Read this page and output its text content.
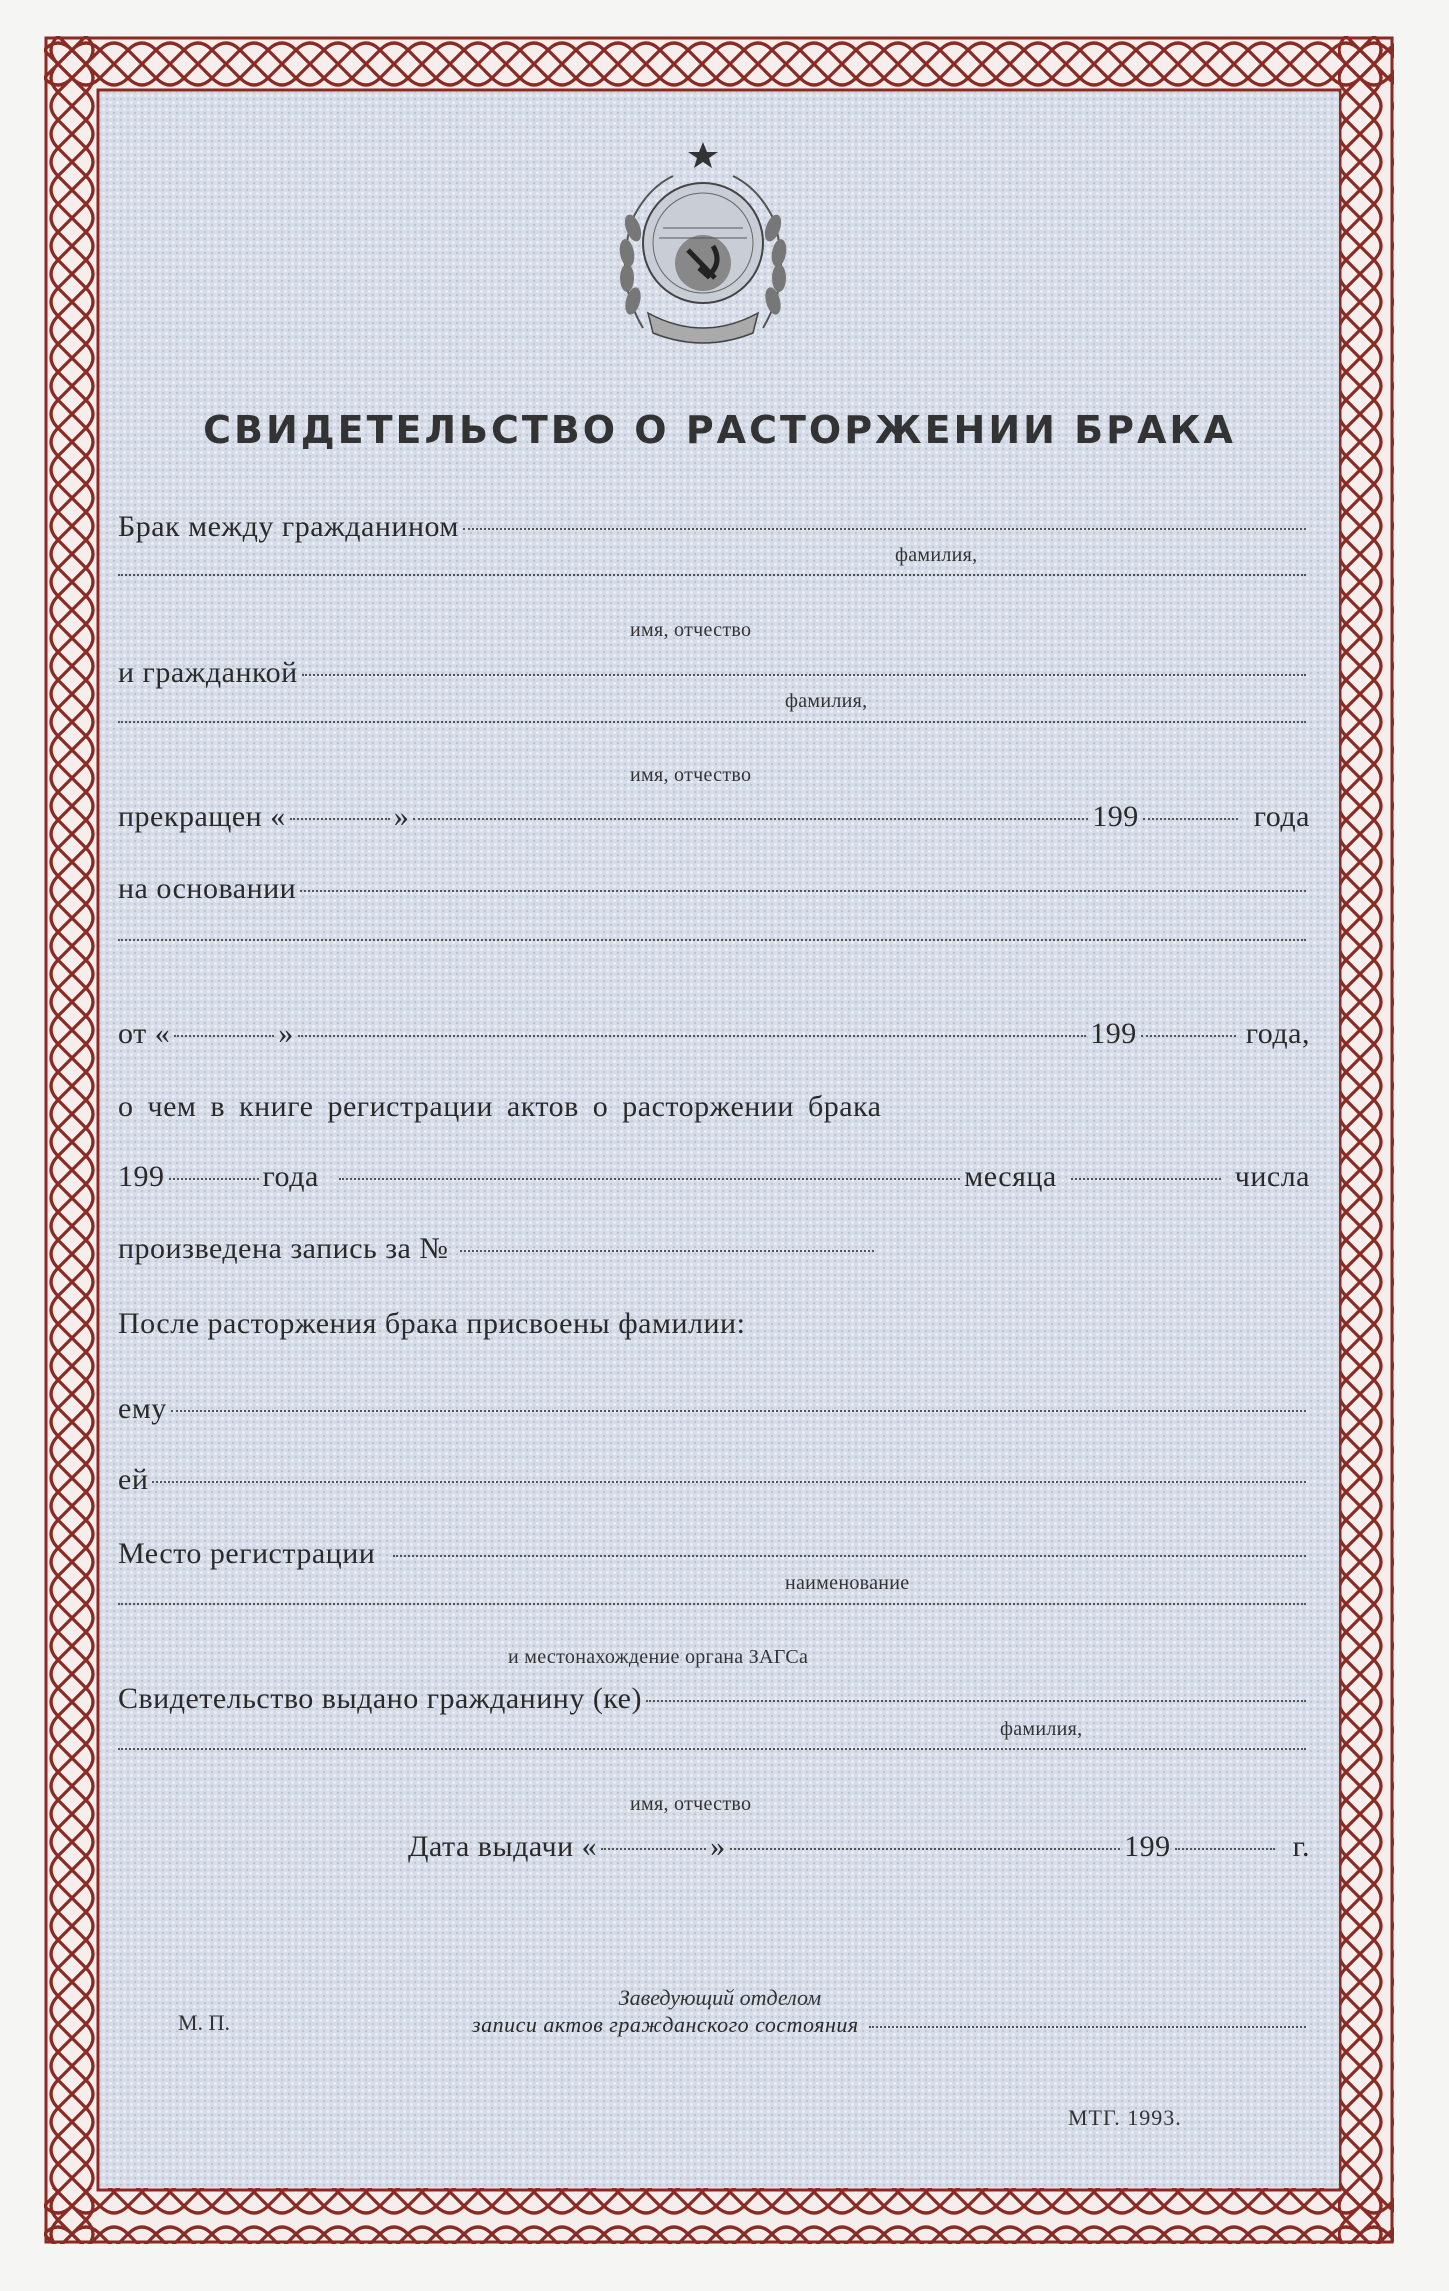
СВИДЕТЕЛЬСТВО О РАСТОРЖЕНИИ БРАКА
Брак между гражданином
фамилия,
имя, отчество
и гражданкой
фамилия,
имя, отчество
прекращен «	»	199	года
на основании
от «	»	199	года,
о чем в книге регистрации актов о расторжении брака
199	года	месяца	числа
произведена запись за №
После расторжения брака присвоены фамилии:
ему
ей
Место регистрации
наименование
и местонахождение органа ЗАГСа
Свидетельство выдано гражданину (ке)
фамилия,
имя, отчество
Дата выдачи «	»	199	г.
М. П.
Заведующий отделом
записи актов гражданского состояния
МТГ. 1993.
